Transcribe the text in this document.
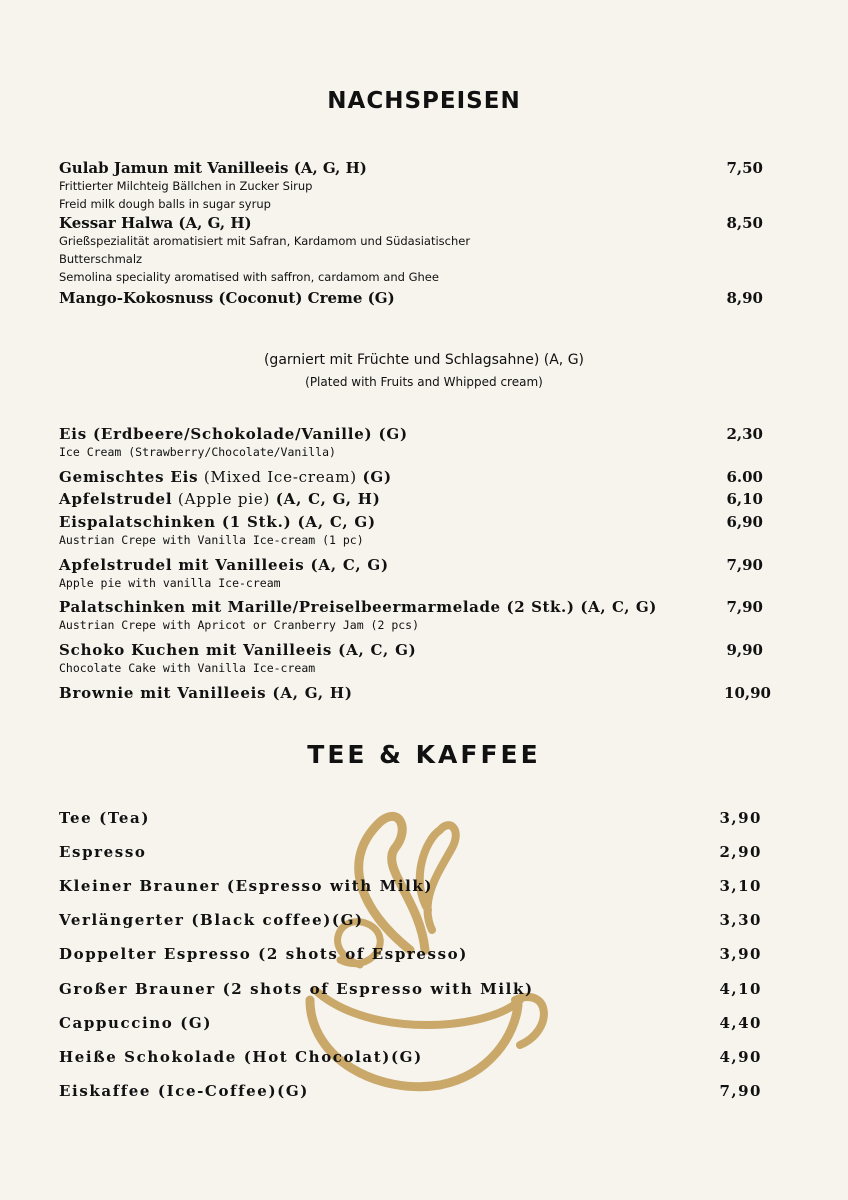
NACHSPEISEN
Gulab Jamun mit Vanilleeis (A, G, H)	7,50
Frittierter Milchteig Bällchen in Zucker Sirup
Freid milk dough balls in sugar syrup
Kessar Halwa (A, G, H)	8,50
Grießspezialität aromatisiert mit Safran, Kardamom und Südasiatischer
Butterschmalz
Semolina speciality aromatised with saffron, cardamom and Ghee
Mango-Kokosnuss (Coconut) Creme (G)	8,90
(garniert mit Früchte und Schlagsahne) (A, G)
(Plated with Fruits and Whipped cream)
Eis (Erdbeere/Schokolade/Vanille) (G)	2,30
Ice Cream (Strawberry/Chocolate/Vanilla)
Gemischtes Eis (Mixed Ice-cream) (G)	6.00
Apfelstrudel (Apple pie) (A, C, G, H)	6,10
Eispalatschinken (1 Stk.) (A, C, G)	6,90
Austrian Crepe with Vanilla Ice-cream (1 pc)
Apfelstrudel mit Vanilleeis (A, C, G)	7,90
Apple pie with vanilla Ice-cream
Palatschinken mit Marille/Preiselbeermarmelade (2 Stk.) (A, C, G)	7,90
Austrian Crepe with Apricot or Cranberry Jam (2 pcs)
Schoko Kuchen mit Vanilleeis (A, C, G)	9,90
Chocolate Cake with Vanilla Ice-cream
Brownie mit Vanilleeis (A, G, H)	10,90
TEE & KAFFEE
Tee (Tea)	3,90
Espresso	2,90
Kleiner Brauner (Espresso with Milk)	3,10
Verlängerter (Black coffee)(G)	3,30
Doppelter Espresso (2 shots of Espresso)	3,90
Großer Brauner (2 shots of Espresso with Milk)	4,10
Cappuccino (G)	4,40
Heiße Schokolade (Hot Chocolat)(G)	4,90
Eiskaffee (Ice-Coffee)(G)	7,90
